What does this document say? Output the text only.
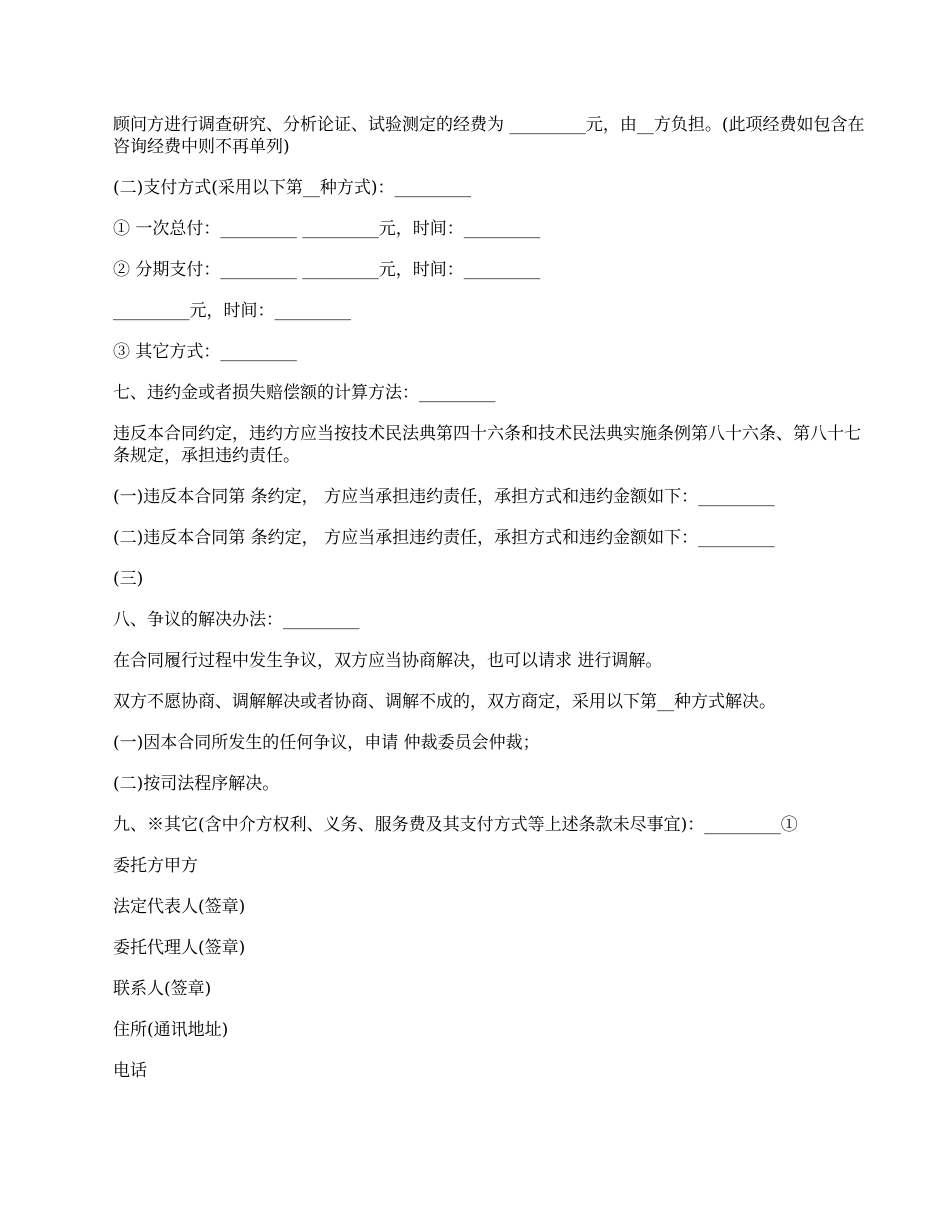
顾问方进行调查研究、分析论证、试验测定的经费为 _________元，由__方负担。(此项经费如包含在咨询经费中则不再单列)

(二)支付方式(采用以下第__种方式)：_________

① 一次总付：_________ _________元，时间：_________

② 分期支付：_________ _________元，时间：_________

_________元，时间：_________

③ 其它方式：_________

七、违约金或者损失赔偿额的计算方法：_________

违反本合同约定，违约方应当按技术民法典第四十六条和技术民法典实施条例第八十六条、第八十七条规定，承担违约责任。

(一)违反本合同第 条约定， 方应当承担违约责任，承担方式和违约金额如下：_________

(二)违反本合同第 条约定， 方应当承担违约责任，承担方式和违约金额如下：_________

(三)

八、争议的解决办法：_________

在合同履行过程中发生争议，双方应当协商解决，也可以请求 进行调解。

双方不愿协商、调解解决或者协商、调解不成的，双方商定，采用以下第__种方式解决。

(一)因本合同所发生的任何争议，申请 仲裁委员会仲裁；

(二)按司法程序解决。

九、※其它(含中介方权利、义务、服务费及其支付方式等上述条款未尽事宜)：_________①

委托方甲方

法定代表人(签章)

委托代理人(签章)

联系人(签章)

住所(通讯地址)

电话
